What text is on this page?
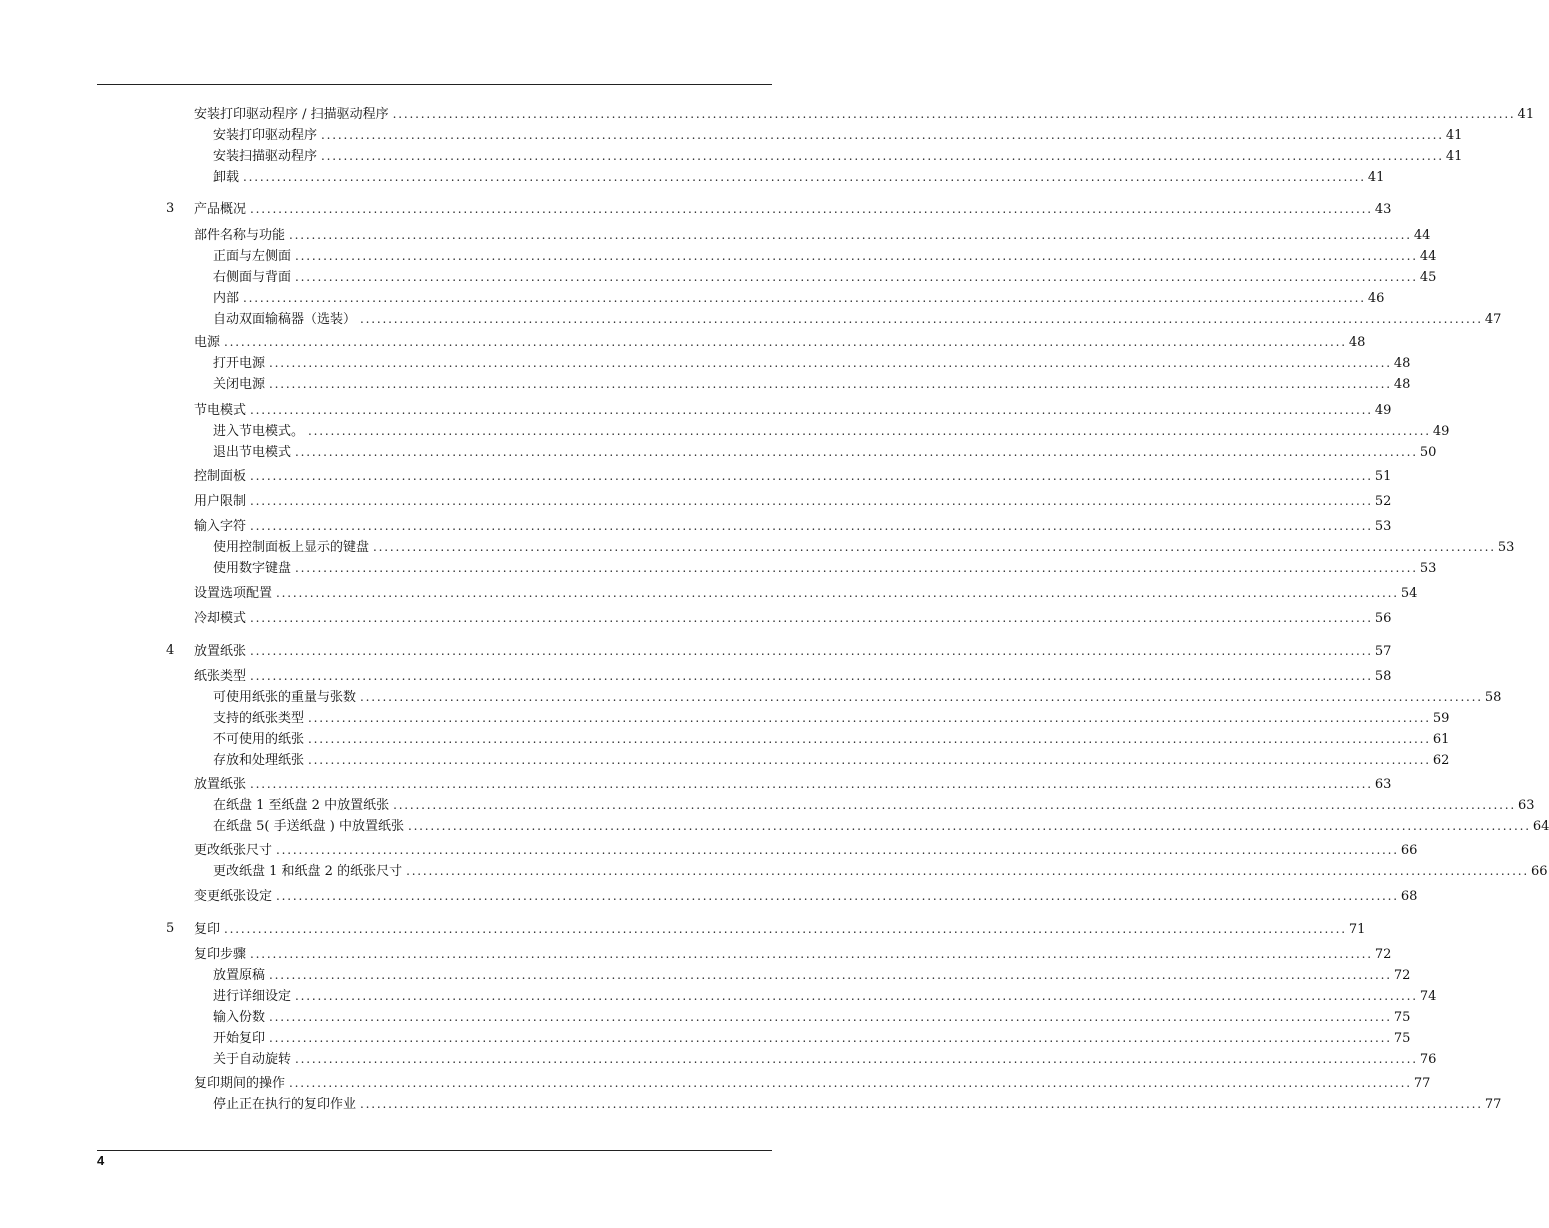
安装打印驱动程序 / 扫描驱动程序 ........................................................................................................................................................................................................ 41
安装打印驱动程序 ........................................................................................................................................................................................................ 41
安装扫描驱动程序 ........................................................................................................................................................................................................ 41
卸载 ........................................................................................................................................................................................................ 41
3 产品概况 ........................................................................................................................................................................................................ 43
部件名称与功能 ........................................................................................................................................................................................................ 44
正面与左侧面 ........................................................................................................................................................................................................ 44
右侧面与背面 ........................................................................................................................................................................................................ 45
内部 ........................................................................................................................................................................................................ 46
自动双面输稿器（选装） ........................................................................................................................................................................................................ 47
电源 ........................................................................................................................................................................................................ 48
打开电源 ........................................................................................................................................................................................................ 48
关闭电源 ........................................................................................................................................................................................................ 48
节电模式 ........................................................................................................................................................................................................ 49
进入节电模式。 ........................................................................................................................................................................................................ 49
退出节电模式 ........................................................................................................................................................................................................ 50
控制面板 ........................................................................................................................................................................................................ 51
用户限制 ........................................................................................................................................................................................................ 52
输入字符 ........................................................................................................................................................................................................ 53
使用控制面板上显示的键盘 ........................................................................................................................................................................................................ 53
使用数字键盘 ........................................................................................................................................................................................................ 53
设置选项配置 ........................................................................................................................................................................................................ 54
冷却模式 ........................................................................................................................................................................................................ 56
4 放置纸张 ........................................................................................................................................................................................................ 57
纸张类型 ........................................................................................................................................................................................................ 58
可使用纸张的重量与张数 ........................................................................................................................................................................................................ 58
支持的纸张类型 ........................................................................................................................................................................................................ 59
不可使用的纸张 ........................................................................................................................................................................................................ 61
存放和处理纸张 ........................................................................................................................................................................................................ 62
放置纸张 ........................................................................................................................................................................................................ 63
在纸盘 1 至纸盘 2 中放置纸张 ........................................................................................................................................................................................................ 63
在纸盘 5( 手送纸盘 ) 中放置纸张 ........................................................................................................................................................................................................ 64
更改纸张尺寸 ........................................................................................................................................................................................................ 66
更改纸盘 1 和纸盘 2 的纸张尺寸 ........................................................................................................................................................................................................ 66
变更纸张设定 ........................................................................................................................................................................................................ 68
5 复印 ........................................................................................................................................................................................................ 71
复印步骤 ........................................................................................................................................................................................................ 72
放置原稿 ........................................................................................................................................................................................................ 72
进行详细设定 ........................................................................................................................................................................................................ 74
输入份数 ........................................................................................................................................................................................................ 75
开始复印 ........................................................................................................................................................................................................ 75
关于自动旋转 ........................................................................................................................................................................................................ 76
复印期间的操作 ........................................................................................................................................................................................................ 77
停止正在执行的复印作业 ........................................................................................................................................................................................................ 77
4
